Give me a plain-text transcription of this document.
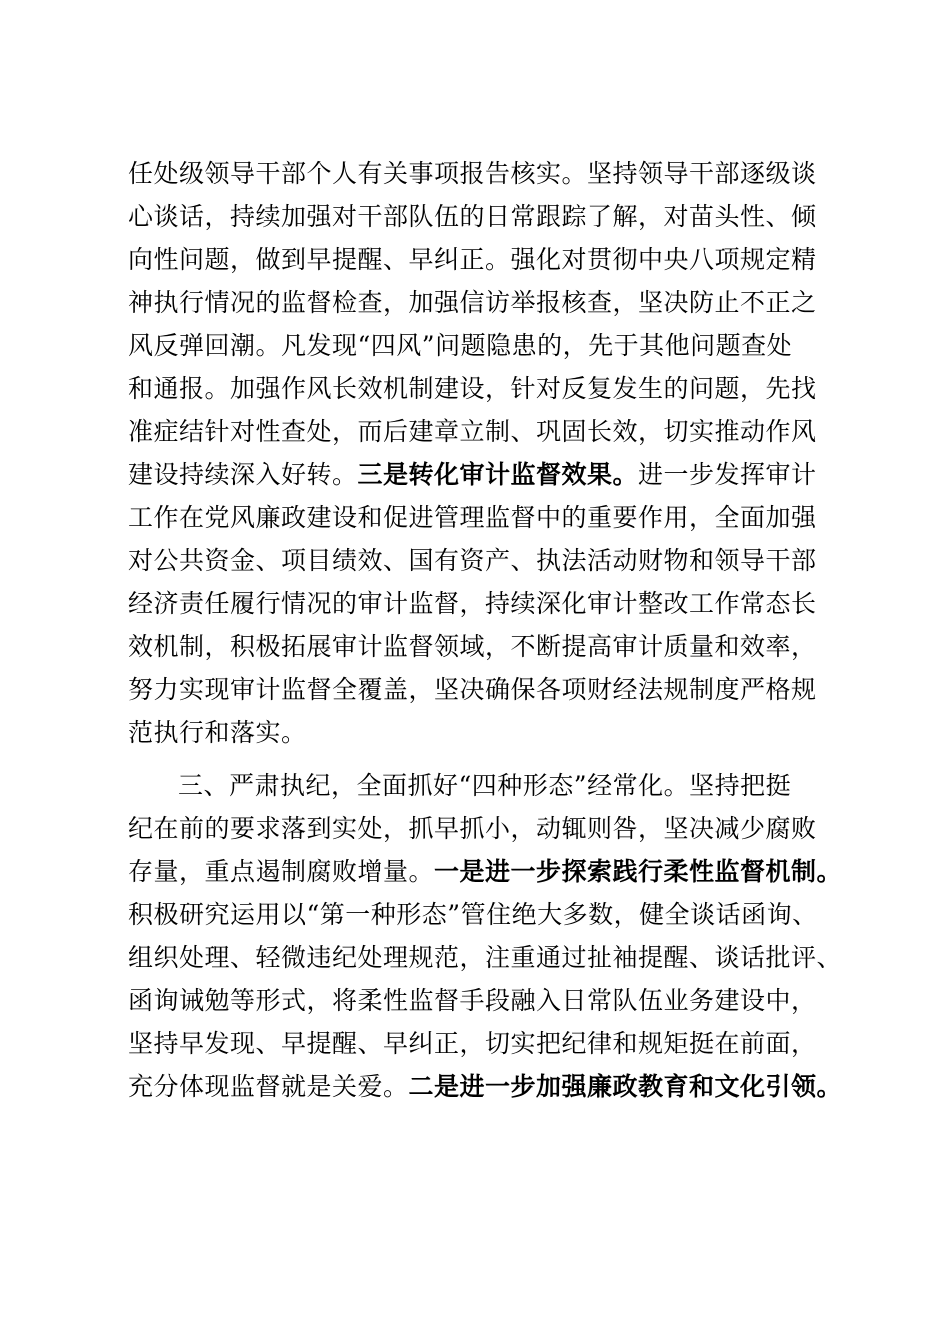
任处级领导干部个人有关事项报告核实。坚持领导干部逐级谈
心谈话，持续加强对干部队伍的日常跟踪了解，对苗头性、倾
向性问题，做到早提醒、早纠正。强化对贯彻中央八项规定精
神执行情况的监督检查，加强信访举报核查，坚决防止不正之
风反弹回潮。凡发现“四风”问题隐患的，先于其他问题查处
和通报。加强作风长效机制建设，针对反复发生的问题，先找
准症结针对性查处，而后建章立制、巩固长效，切实推动作风
建设持续深入好转。三是转化审计监督效果。进一步发挥审计
工作在党风廉政建设和促进管理监督中的重要作用，全面加强
对公共资金、项目绩效、国有资产、执法活动财物和领导干部
经济责任履行情况的审计监督，持续深化审计整改工作常态长
效机制，积极拓展审计监督领域，不断提高审计质量和效率，
努力实现审计监督全覆盖，坚决确保各项财经法规制度严格规
范执行和落实。
三、严肃执纪，全面抓好“四种形态”经常化。坚持把挺
纪在前的要求落到实处，抓早抓小，动辄则咎，坚决减少腐败
存量，重点遏制腐败增量。一是进一步探索践行柔性监督机制。
积极研究运用以“第一种形态”管住绝大多数，健全谈话函询、
组织处理、轻微违纪处理规范，注重通过扯袖提醒、谈话批评、
函询诫勉等形式，将柔性监督手段融入日常队伍业务建设中，
坚持早发现、早提醒、早纠正，切实把纪律和规矩挺在前面，
充分体现监督就是关爱。二是进一步加强廉政教育和文化引领。
